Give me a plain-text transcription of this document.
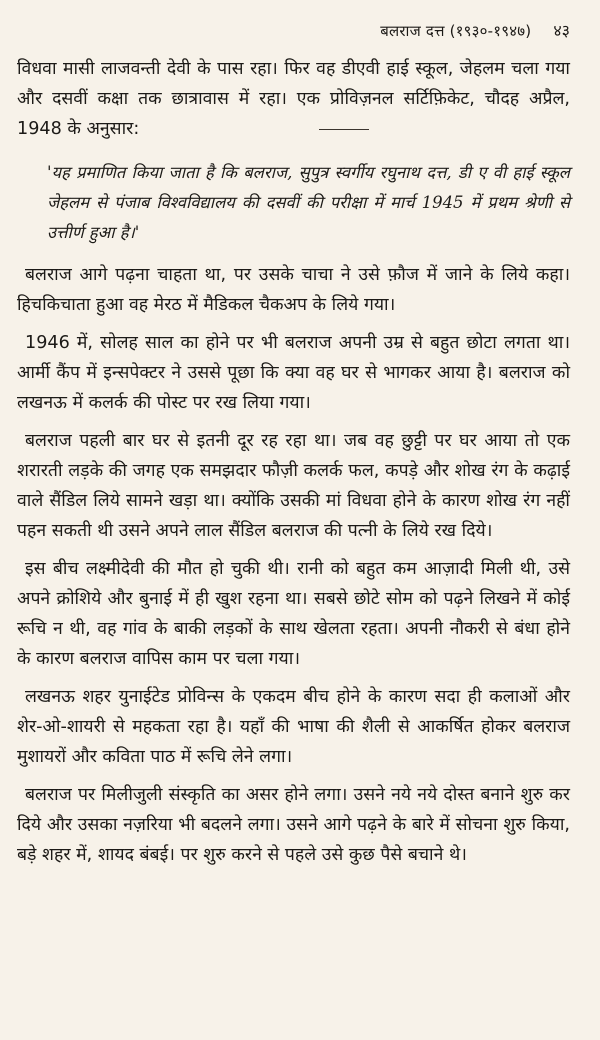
बलराज दत्त (१९३०-१९४७) ४३

विधवा मासी लाजवन्ती देवी के पास रहा। फिर वह डीएवी हाई स्कूल, जेहलम चला गया और दसवीं कक्षा तक छात्रावास में रहा। एक प्रोविज़नल सर्टिफ़िकेट, चौदह अप्रैल, 1948 के अनुसार:

'यह प्रमाणित किया जाता है कि बलराज, सुपुत्र स्वर्गीय रघुनाथ दत्त, डी ए वी हाई स्कूल जेहलम से पंजाब विश्वविद्यालय की दसवीं की परीक्षा में मार्च 1945 में प्रथम श्रेणी से उत्तीर्ण हुआ है।'

बलराज आगे पढ़ना चाहता था, पर उसके चाचा ने उसे फ़ौज में जाने के लिये कहा। हिचकिचाता हुआ वह मेरठ में मैडिकल चैकअप के लिये गया।

1946 में, सोलह साल का होने पर भी बलराज अपनी उम्र से बहुत छोटा लगता था। आर्मी कैंप में इन्सपेक्टर ने उससे पूछा कि क्या वह घर से भागकर आया है। बलराज को लखनऊ में कलर्क की पोस्ट पर रख लिया गया।

बलराज पहली बार घर से इतनी दूर रह रहा था। जब वह छुट्टी पर घर आया तो एक शरारती लड़के की जगह एक समझदार फौज़ी कलर्क फल, कपड़े और शोख रंग के कढ़ाई वाले सैंडिल लिये सामने खड़ा था। क्योंकि उसकी मां विधवा होने के कारण शोख रंग नहीं पहन सकती थी उसने अपने लाल सैंडिल बलराज की पत्नी के लिये रख दिये।

इस बीच लक्ष्मीदेवी की मौत हो चुकी थी। रानी को बहुत कम आज़ादी मिली थी, उसे अपने क्रोशिये और बुनाई में ही खुश रहना था। सबसे छोटे सोम को पढ़ने लिखने में कोई रूचि न थी, वह गांव के बाकी लड़कों के साथ खेलता रहता। अपनी नौकरी से बंधा होने के कारण बलराज वापिस काम पर चला गया।

लखनऊ शहर युनाईटेड प्रोविन्स के एकदम बीच होने के कारण सदा ही कलाओं और शेर-ओ-शायरी से महकता रहा है। यहाँ की भाषा की शैली से आकर्षित होकर बलराज मुशायरों और कविता पाठ में रूचि लेने लगा।

बलराज पर मिलीजुली संस्कृति का असर होने लगा। उसने नये नये दोस्त बनाने शुरु कर दिये और उसका नज़रिया भी बदलने लगा। उसने आगे पढ़ने के बारे में सोचना शुरु किया, बड़े शहर में, शायद बंबई। पर शुरु करने से पहले उसे कुछ पैसे बचाने थे।
